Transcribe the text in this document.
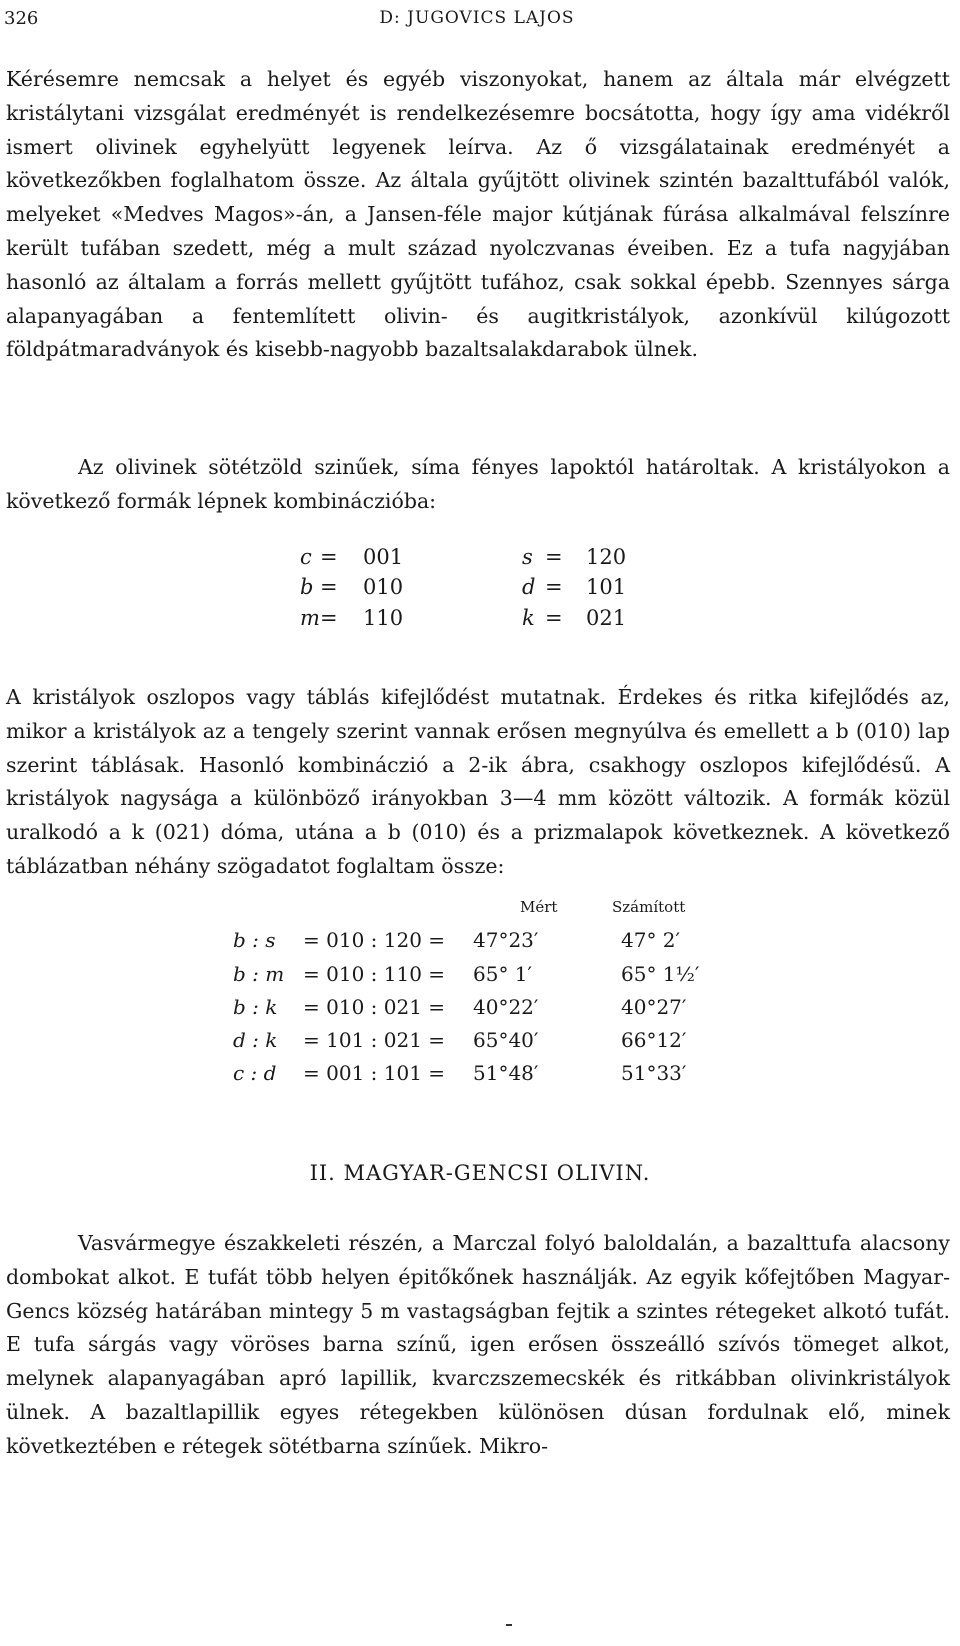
326	D: JUGOVICS LAJOS

Kérésemre nemcsak a helyet és egyéb viszonyokat, hanem az általa már elvégzett kristálytani vizsgálat eredményét is rendelkezésemre bocsátotta, hogy így ama vidékről ismert olivinek egyhelyütt legyenek leírva. Az ő vizsgálatainak eredményét a következőkben foglalhatom össze. Az általa gyűjtött olivinek szintén bazalttufából valók, melyeket «Medves Magos»-án, a Jansen-féle major kútjának fúrása alkalmával felszínre került tufában szedett, még a mult század nyolczvanas éveiben. Ez a tufa nagyjában hasonló az általam a forrás mellett gyűjtött tufához, csak sokkal épebb. Szennyes sárga alapanyagában a fentemlített olivin- és augitkristályok, azonkívül kilúgozott földpátmaradványok és kisebb-nagyobb bazaltsalakdarabok ülnek.

Az olivinek sötétzöld szinűek, síma fényes lapoktól határoltak. A kristályokon a következő formák lépnek kombináczióba:

c = 001	s = 120
b = 010	d = 101
m = 110	k = 021

A kristályok oszlopos vagy táblás kifejlődést mutatnak. Érdekes és ritka kifejlődés az, mikor a kristályok az a tengely szerint vannak erősen megnyúlva és emellett a b (010) lap szerint táblásak. Hasonló kombináczió a 2-ik ábra, csakhogy oszlopos kifejlődésű. A kristályok nagysága a különböző irányokban 3—4 mm között változik. A formák közül uralkodó a k (021) dóma, utána a b (010) és a prizmalapok következnek. A következő táblázatban néhány szögadatot foglaltam össze:

Mért	Számított
b : s = 010 : 120 = 47°23′	47° 2′
b : m = 010 : 110 = 65° 1′	65° 1½′
b : k = 010 : 021 = 40°22′	40°27′
d : k = 101 : 021 = 65°40′	66°12′
c : d = 001 : 101 = 51°48′	51°33′
II. MAGYAR-GENCSI OLIVIN.

Vasvármegye északkeleti részén, a Marczal folyó baloldalán, a bazalttufa alacsony dombokat alkot. E tufát több helyen épitőkőnek használják. Az egyik kőfejtőben Magyar-Gencs község határában mintegy 5 m vastagságban fejtik a szintes rétegeket alkotó tufát. E tufa sárgás vagy vöröses barna színű, igen erősen összeálló szívós tömeget alkot, melynek alapanyagában apró lapillik, kvarczszemecskék és ritkábban olivinkristályok ülnek. A bazaltlapillik egyes rétegekben különösen dúsan fordulnak elő, minek következtében e rétegek sötétbarna színűek. Mikro-
